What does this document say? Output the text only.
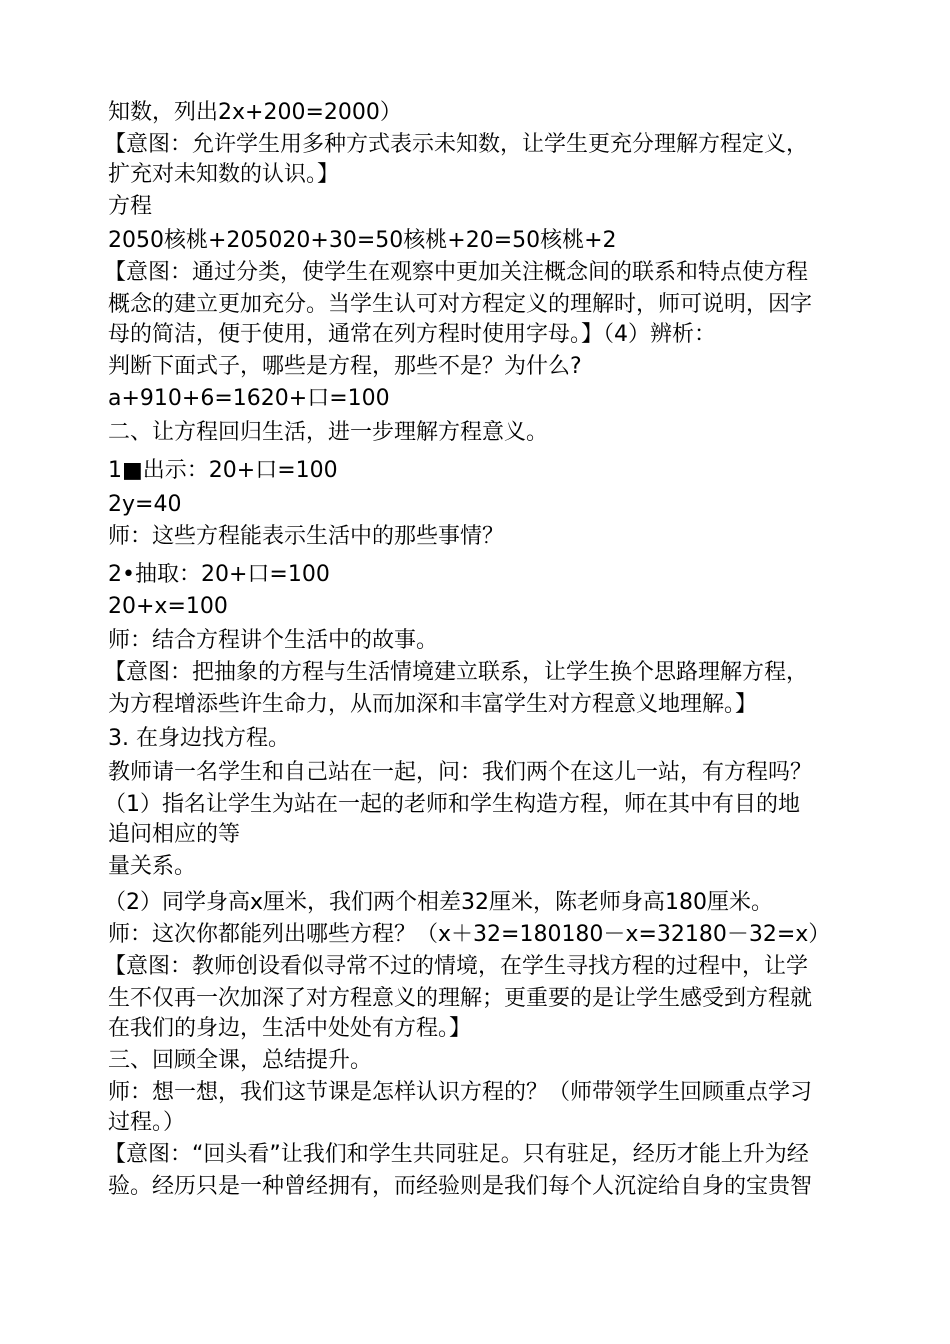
知数，列出2x+200=2000）
【意图：允许学生用多种方式表示未知数，让学生更充分理解方程定义，
扩充对未知数的认识。】
方程
2050核桃+205020+30=50核桃+20=50核桃+2
【意图：通过分类，使学生在观察中更加关注概念间的联系和特点使方程
概念的建立更加充分。当学生认可对方程定义的理解时，师可说明，因字
母的简洁，便于使用，通常在列方程时使用字母。】（4）辨析：
判断下面式子，哪些是方程，那些不是？为什么?
a+910+6=1620+口=100
二、让方程回归生活，进一步理解方程意义。
1■出示：20+口=100
2y=40
师：这些方程能表示生活中的那些事情？
2•抽取：20+口=100
20+x=100
师：结合方程讲个生活中的故事。
【意图：把抽象的方程与生活情境建立联系，让学生换个思路理解方程，
为方程增添些许生命力，从而加深和丰富学生对方程意义地理解。】
3. 在身边找方程。
教师请一名学生和自己站在一起，问：我们两个在这儿一站，有方程吗？
（1）指名让学生为站在一起的老师和学生构造方程，师在其中有目的地
追问相应的等
量关系。
（2）同学身高x厘米，我们两个相差32厘米，陈老师身高180厘米。
师：这次你都能列出哪些方程？（x＋32=180180－x=32180－32=x）
【意图：教师创设看似寻常不过的情境，在学生寻找方程的过程中，让学
生不仅再一次加深了对方程意义的理解；更重要的是让学生感受到方程就
在我们的身边，生活中处处有方程。】
三、回顾全课，总结提升。
师：想一想，我们这节课是怎样认识方程的？（师带领学生回顾重点学习
过程。）
【意图：“回头看”让我们和学生共同驻足。只有驻足，经历才能上升为经
验。经历只是一种曾经拥有，而经验则是我们每个人沉淀给自身的宝贵智
